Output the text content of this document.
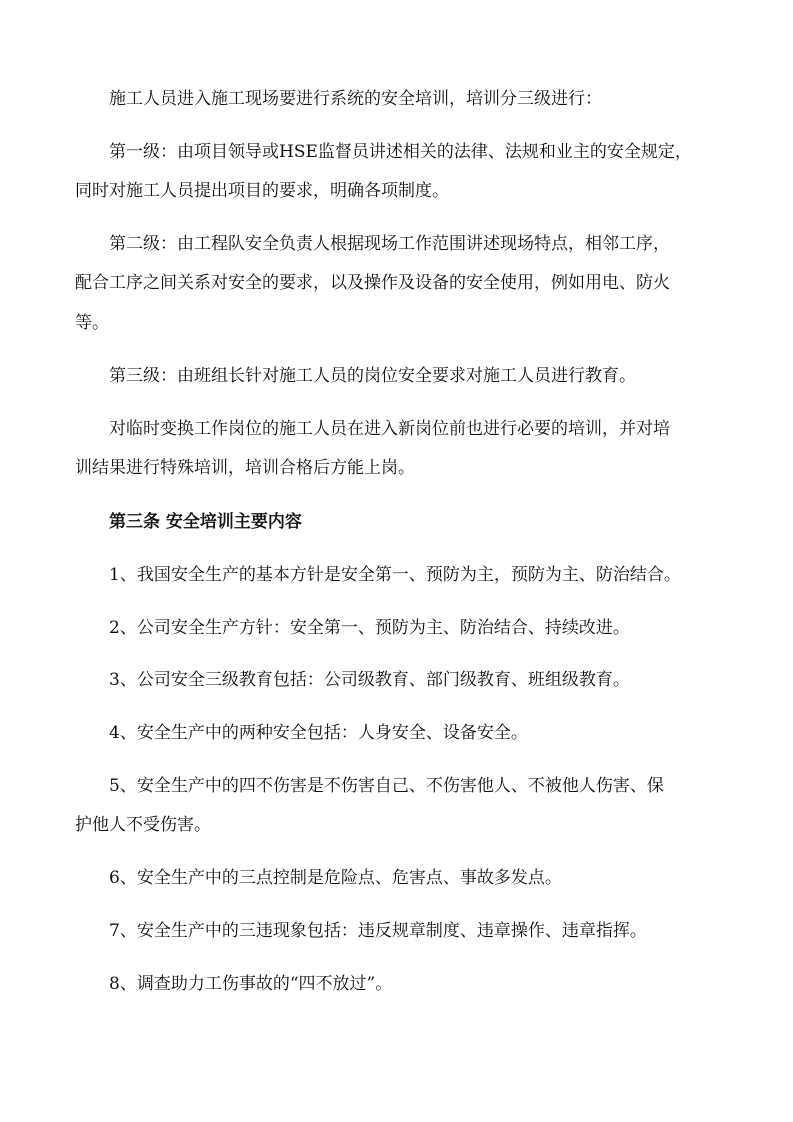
施工人员进入施工现场要进行系统的安全培训，培训分三级进行：
第一级：由项目领导或HSE监督员讲述相关的法律、法规和业主的安全规定，
同时对施工人员提出项目的要求，明确各项制度。
第二级：由工程队安全负责人根据现场工作范围讲述现场特点，相邻工序，
配合工序之间关系对安全的要求，以及操作及设备的安全使用，例如用电、防火
等。
第三级：由班组长针对施工人员的岗位安全要求对施工人员进行教育。
对临时变换工作岗位的施工人员在进入新岗位前也进行必要的培训，并对培
训结果进行特殊培训，培训合格后方能上岗。
第三条 安全培训主要内容
1、我国安全生产的基本方针是安全第一、预防为主，预防为主、防治结合。
2、公司安全生产方针：安全第一、预防为主、防治结合、持续改进。
3、公司安全三级教育包括：公司级教育、部门级教育、班组级教育。
4、安全生产中的两种安全包括：人身安全、设备安全。
5、安全生产中的四不伤害是不伤害自己、不伤害他人、不被他人伤害、保
护他人不受伤害。
6、安全生产中的三点控制是危险点、危害点、事故多发点。
7、安全生产中的三违现象包括：违反规章制度、违章操作、违章指挥。
8、调查助力工伤事故的“四不放过”。
